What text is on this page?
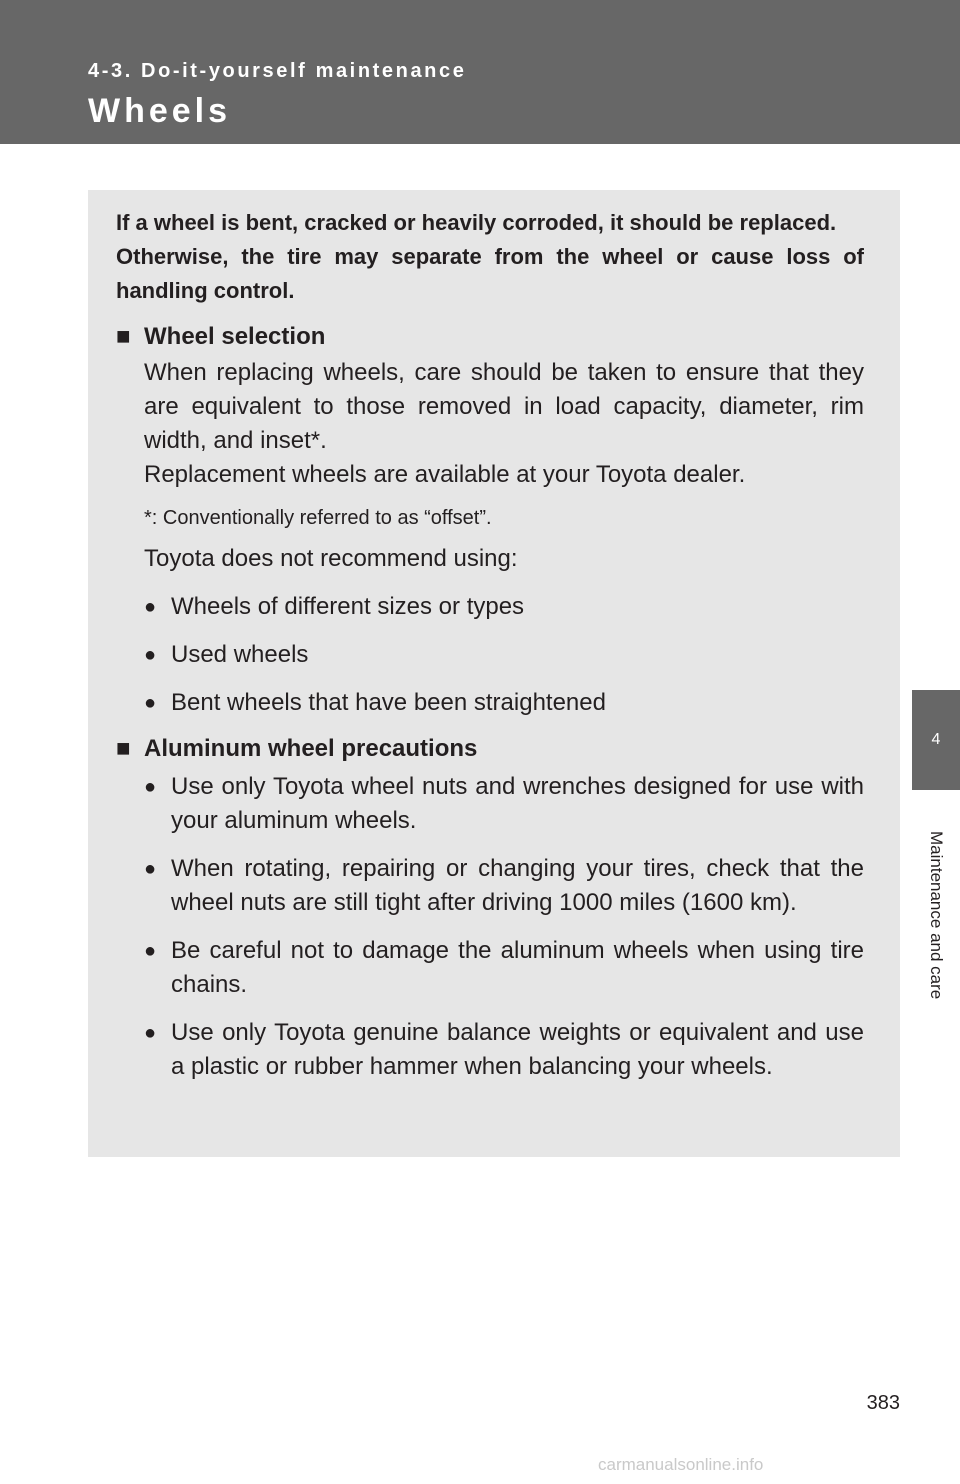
4-3. Do-it-yourself maintenance
Wheels
4
Maintenance and care

If a wheel is bent, cracked or heavily corroded, it should be replaced.
Otherwise, the tire may separate from the wheel or cause loss of handling control.

■ Wheel selection

When replacing wheels, care should be taken to ensure that they are equivalent to those removed in load capacity, diameter, rim width, and inset*.
Replacement wheels are available at your Toyota dealer.

*: Conventionally referred to as “offset”.

Toyota does not recommend using:

● Wheels of different sizes or types
● Used wheels
● Bent wheels that have been straightened
■ Aluminum wheel precautions
● Use only Toyota wheel nuts and wrenches designed for use with your aluminum wheels.
● When rotating, repairing or changing your tires, check that the wheel nuts are still tight after driving 1000 miles (1600 km).
● Be careful not to damage the aluminum wheels when using tire chains.
● Use only Toyota genuine balance weights or equivalent and use a plastic or rubber hammer when balancing your wheels.
383
carmanualsonline.info
